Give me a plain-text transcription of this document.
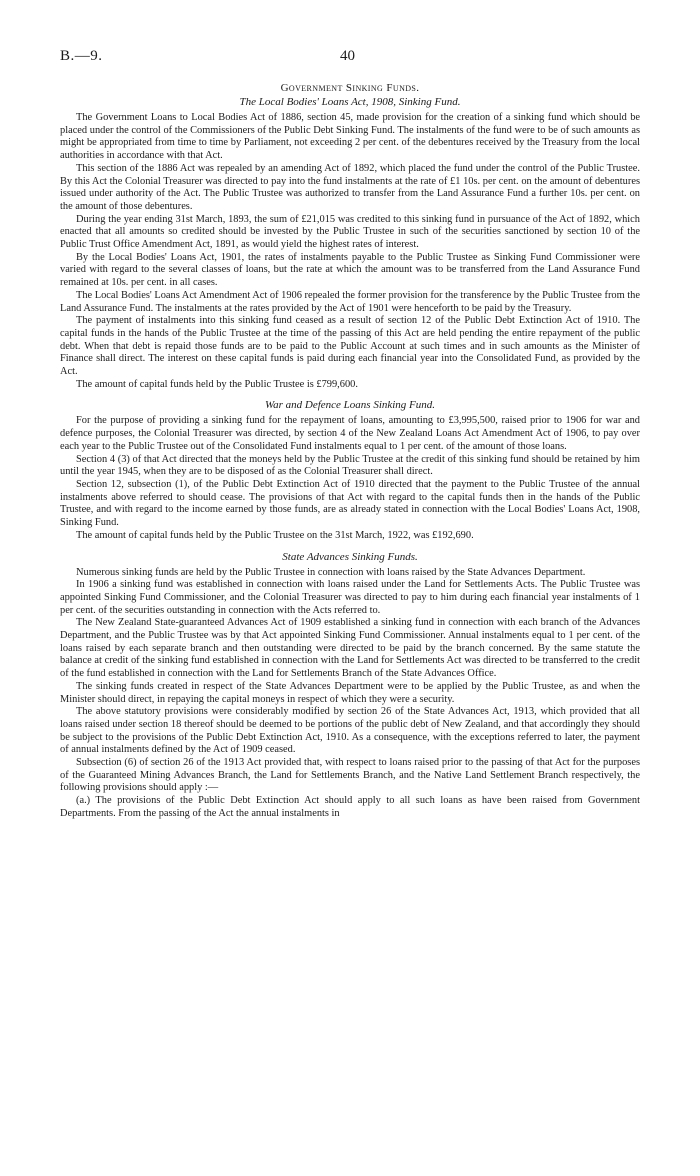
B.—9.	40
Government Sinking Funds.
The Local Bodies' Loans Act, 1908, Sinking Fund.

The Government Loans to Local Bodies Act of 1886, section 45, made provision for the creation of a sinking fund which should be placed under the control of the Commissioners of the Public Debt Sinking Fund. The instalments of the fund were to be of such amounts as might be appropriated from time to time by Parliament, not exceeding 2 per cent. of the debentures received by the Treasury from the local authorities in accordance with that Act.

This section of the 1886 Act was repealed by an amending Act of 1892, which placed the fund under the control of the Public Trustee. By this Act the Colonial Treasurer was directed to pay into the fund instalments at the rate of £1 10s. per cent. on the amount of debentures issued under authority of the Act. The Public Trustee was authorized to transfer from the Land Assurance Fund a further 10s. per cent. on the amount of those debentures.

During the year ending 31st March, 1893, the sum of £21,015 was credited to this sinking fund in pursuance of the Act of 1892, which enacted that all amounts so credited should be invested by the Public Trustee in such of the securities sanctioned by section 10 of the Public Trust Office Amendment Act, 1891, as would yield the highest rates of interest.

By the Local Bodies' Loans Act, 1901, the rates of instalments payable to the Public Trustee as Sinking Fund Commissioner were varied with regard to the several classes of loans, but the rate at which the amount was to be transferred from the Land Assurance Fund remained at 10s. per cent. in all cases.

The Local Bodies' Loans Act Amendment Act of 1906 repealed the former provision for the transference by the Public Trustee from the Land Assurance Fund. The instalments at the rates provided by the Act of 1901 were henceforth to be paid by the Treasury.

The payment of instalments into this sinking fund ceased as a result of section 12 of the Public Debt Extinction Act of 1910. The capital funds in the hands of the Public Trustee at the time of the passing of this Act are held pending the entire repayment of the public debt. When that debt is repaid those funds are to be paid to the Public Account at such times and in such amounts as the Minister of Finance shall direct. The interest on these capital funds is paid during each financial year into the Consolidated Fund, as provided by the Act.

The amount of capital funds held by the Public Trustee is £799,600.

War and Defence Loans Sinking Fund.

For the purpose of providing a sinking fund for the repayment of loans, amounting to £3,995,500, raised prior to 1906 for war and defence purposes, the Colonial Treasurer was directed, by section 4 of the New Zealand Loans Act Amendment Act of 1906, to pay over each year to the Public Trustee out of the Consolidated Fund instalments equal to 1 per cent. of the amount of those loans.

Section 4 (3) of that Act directed that the moneys held by the Public Trustee at the credit of this sinking fund should be retained by him until the year 1945, when they are to be disposed of as the Colonial Treasurer shall direct.

Section 12, subsection (1), of the Public Debt Extinction Act of 1910 directed that the payment to the Public Trustee of the annual instalments above referred to should cease. The provisions of that Act with regard to the capital funds then in the hands of the Public Trustee, and with regard to the income earned by those funds, are as already stated in connection with the Local Bodies' Loans Act, 1908, Sinking Fund.

The amount of capital funds held by the Public Trustee on the 31st March, 1922, was £192,690.

State Advances Sinking Funds.

Numerous sinking funds are held by the Public Trustee in connection with loans raised by the State Advances Department.

In 1906 a sinking fund was established in connection with loans raised under the Land for Settlements Acts. The Public Trustee was appointed Sinking Fund Commissioner, and the Colonial Treasurer was directed to pay to him during each financial year instalments of 1 per cent. of the securities outstanding in connection with the Acts referred to.

The New Zealand State-guaranteed Advances Act of 1909 established a sinking fund in connection with each branch of the Advances Department, and the Public Trustee was by that Act appointed Sinking Fund Commissioner. Annual instalments equal to 1 per cent. of the loans raised by each separate branch and then outstanding were directed to be paid by the branch concerned. By the same statute the balance at credit of the sinking fund established in connection with the Land for Settlements Act was directed to be transferred to the credit of the fund established in connection with the Land for Settlements Branch of the State Advances Office.

The sinking funds created in respect of the State Advances Department were to be applied by the Public Trustee, as and when the Minister should direct, in repaying the capital moneys in respect of which they were a security.

The above statutory provisions were considerably modified by section 26 of the State Advances Act, 1913, which provided that all loans raised under section 18 thereof should be deemed to be portions of the public debt of New Zealand, and that accordingly they should be subject to the provisions of the Public Debt Extinction Act, 1910. As a consequence, with the exceptions referred to later, the payment of annual instalments defined by the Act of 1909 ceased.

Subsection (6) of section 26 of the 1913 Act provided that, with respect to loans raised prior to the passing of that Act for the purposes of the Guaranteed Mining Advances Branch, the Land for Settlements Branch, and the Native Land Settlement Branch respectively, the following provisions should apply :—

(a.) The provisions of the Public Debt Extinction Act should apply to all such loans as have been raised from Government Departments. From the passing of the Act the annual instalments in
